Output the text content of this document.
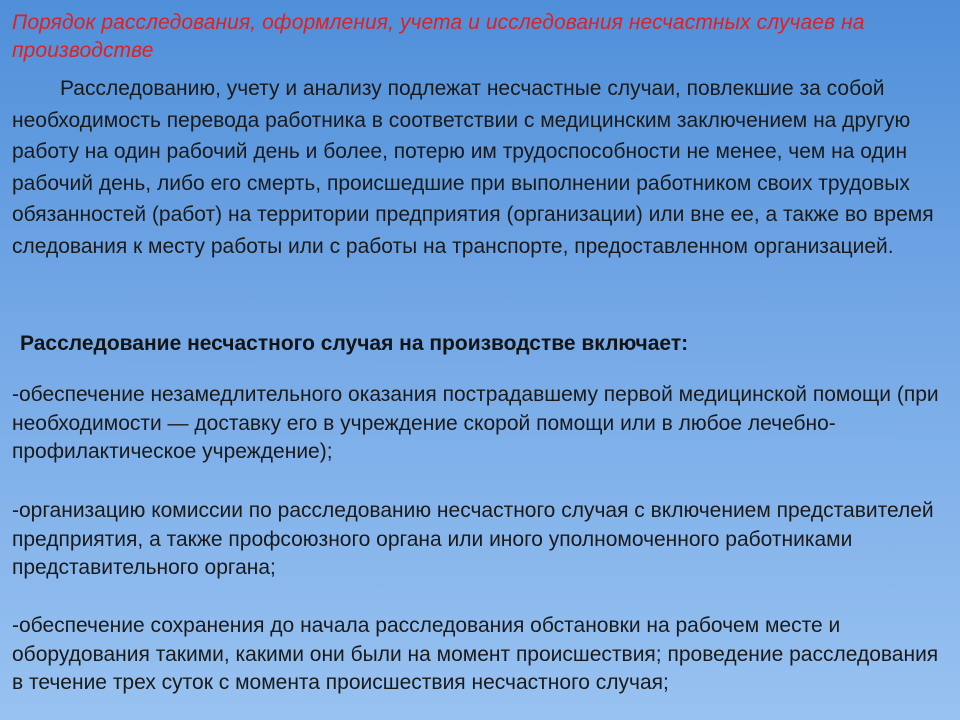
Порядок расследования, оформления, учета и исследования несчастных случаев на производстве

Расследованию, учету и анализу подлежат несчастные случаи, повлекшие за собой необходимость перевода работника в соответствии с медицинским заключением на другую работу на один рабочий день и более, потерю им трудоспособности не менее, чем на один рабочий день, либо его смерть, происшедшие при выполнении работником своих трудовых обязанностей (работ) на территории предприятия (организации) или вне ее, а также во время следования к месту работы или с работы на транспорте, предоставленном организацией.

Расследование несчастного случая на производстве включает:

-обеспечение незамедлительного оказания пострадавшему первой медицинской помощи (при необходимости — доставку его в учреждение скорой помощи или в любое лечебно-профилактическое учреждение);

-организацию комиссии по расследованию несчастного случая с включением представителей предприятия, а также профсоюзного органа или иного уполномоченного работниками представительного органа;

-обеспечение сохранения до начала расследования обстановки на рабочем месте и оборудования такими, какими они были на момент происшествия; проведение расследования в течение трех суток с момента происшествия несчастного случая;
